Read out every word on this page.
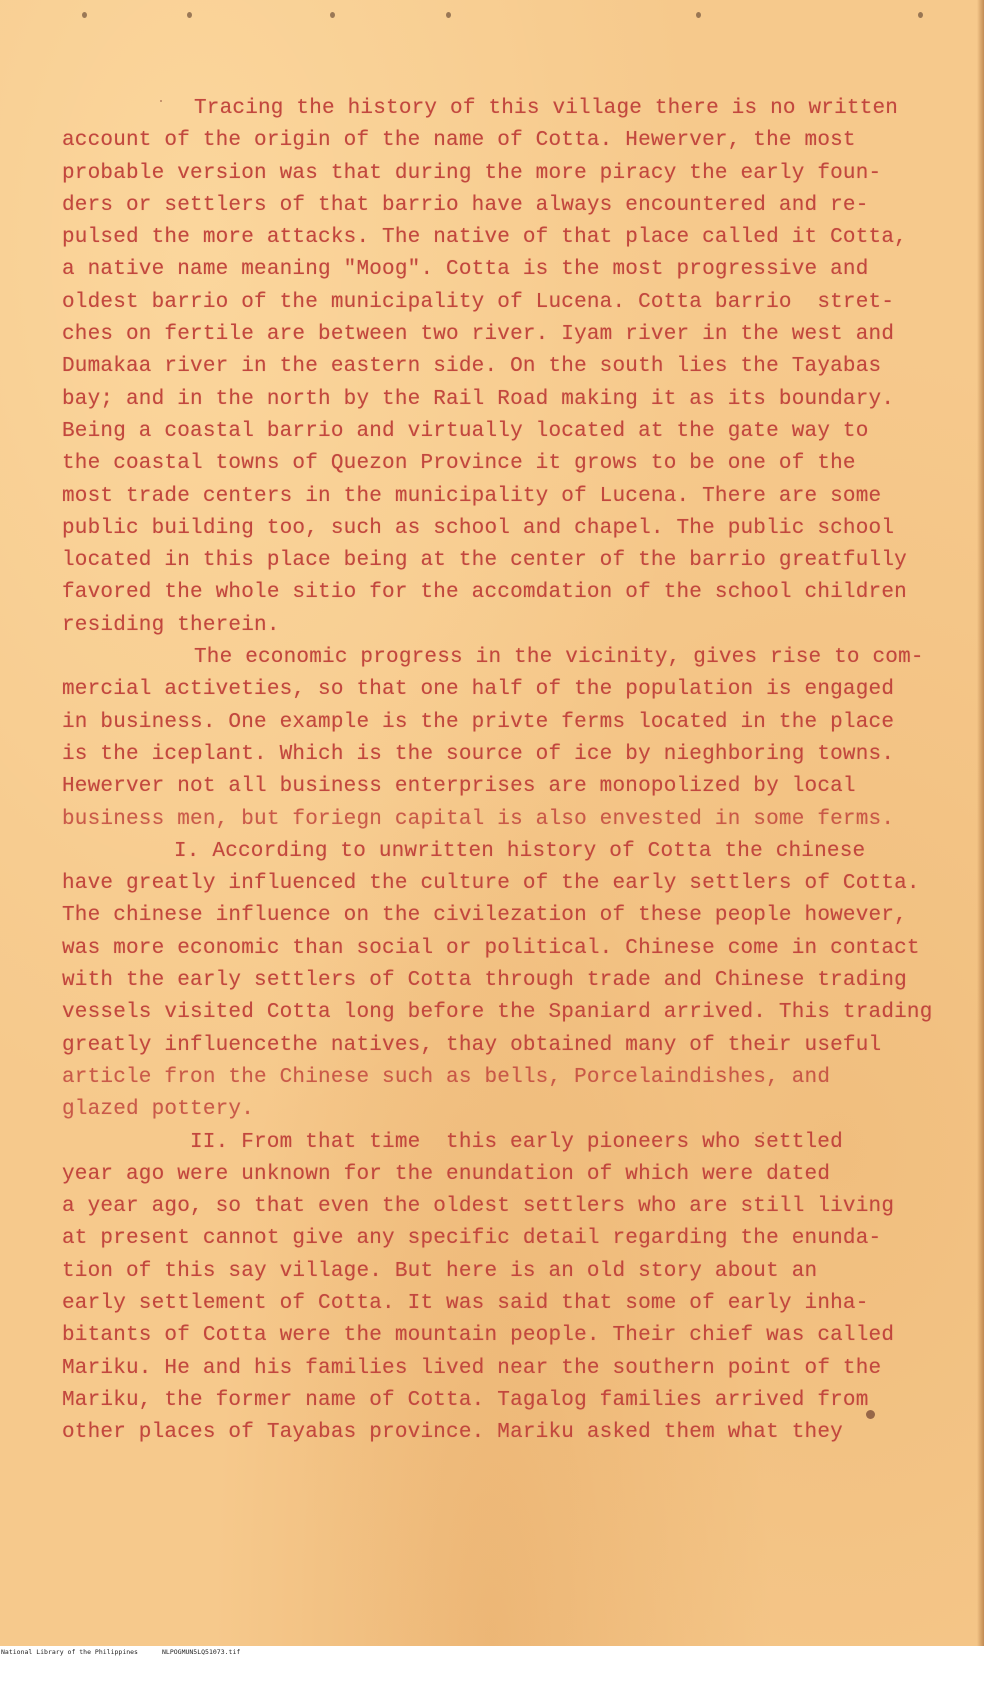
Tracing the history of this village there is no written
account of the origin of the name of Cotta. Hewerver, the most
probable version was that during the more piracy the early foun-
ders or settlers of that barrio have always encountered and re-
pulsed the more attacks. The native of that place called it Cotta,
a native name meaning "Moog". Cotta is the most progressive and
oldest barrio of the municipality of Lucena. Cotta barrio  stret-
ches on fertile are between two river. Iyam river in the west and
Dumakaa river in the eastern side. On the south lies the Tayabas
bay; and in the north by the Rail Road making it as its boundary.
Being a coastal barrio and virtually located at the gate way to
the coastal towns of Quezon Province it grows to be one of the
most trade centers in the municipality of Lucena. There are some
public building too, such as school and chapel. The public school
located in this place being at the center of the barrio greatfully
favored the whole sitio for the accomdation of the school children
residing therein.
The economic progress in the vicinity, gives rise to com-
mercial activeties, so that one half of the population is engaged
in business. One example is the privte ferms located in the place
is the iceplant. Which is the source of ice by nieghboring towns.
Hewerver not all business enterprises are monopolized by local
business men, but foriegn capital is also envested in some ferms.
I. According to unwritten history of Cotta the chinese
have greatly influenced the culture of the early settlers of Cotta.
The chinese influence on the civilezation of these people however,
was more economic than social or political. Chinese come in contact
with the early settlers of Cotta through trade and Chinese trading
vessels visited Cotta long before the Spaniard arrived. This trading
greatly influencethe natives, thay obtained many of their useful
article fron the Chinese such as bells, Porcelaindishes, and
glazed pottery.
II. From that time  this early pioneers who settled
year ago were unknown for the enundation of which were dated
a year ago, so that even the oldest settlers who are still living
at present cannot give any specific detail regarding the enunda-
tion of this say village. But here is an old story about an
early settlement of Cotta. It was said that some of early inha-
bitants of Cotta were the mountain people. Their chief was called
Mariku. He and his families lived near the southern point of the
Mariku, the former name of Cotta. Tagalog families arrived from
other places of Tayabas province. Mariku asked them what they

National Library of the Philippines

	NLPOGMUN5LQ51073.tif
